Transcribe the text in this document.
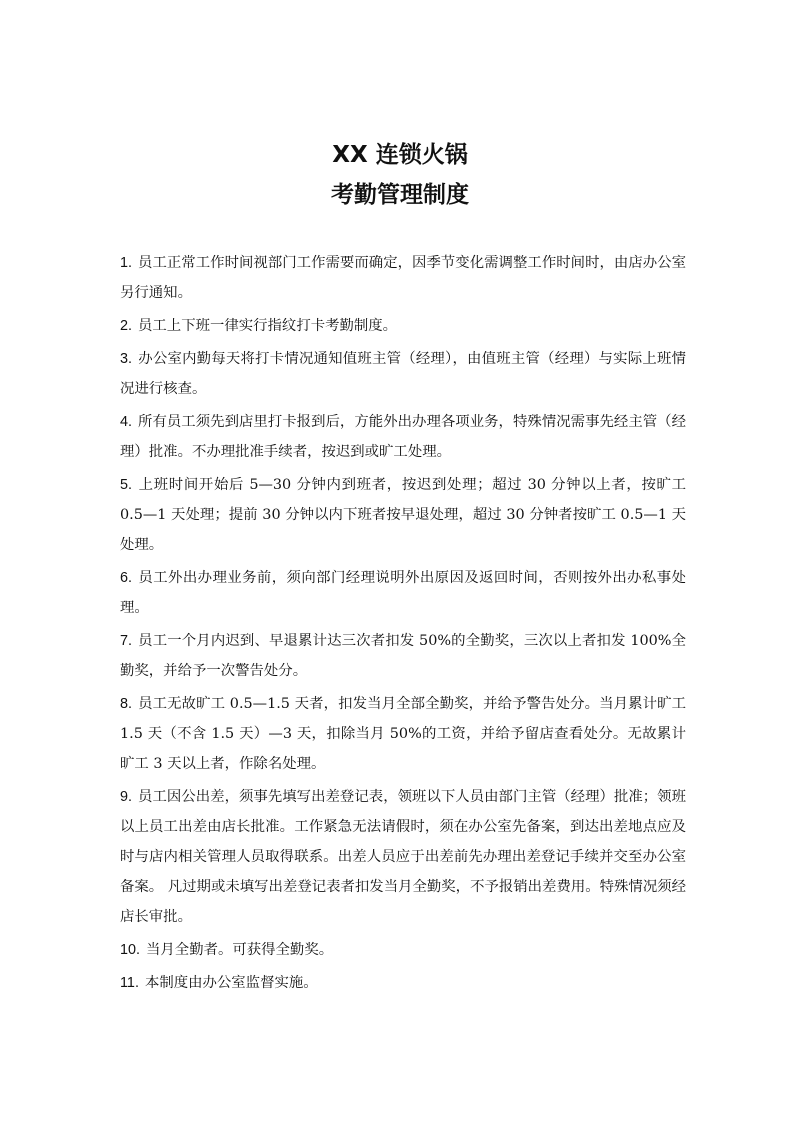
XX 连锁火锅
考勤管理制度

1. 员工正常工作时间视部门工作需要而确定，因季节变化需调整工作时间时，由店办公室另行通知。

2. 员工上下班一律实行指纹打卡考勤制度。

3. 办公室内勤每天将打卡情况通知值班主管（经理），由值班主管（经理）与实际上班情况进行核查。

4. 所有员工须先到店里打卡报到后，方能外出办理各项业务，特殊情况需事先经主管（经理）批准。不办理批准手续者，按迟到或旷工处理。

5. 上班时间开始后 5—30 分钟内到班者，按迟到处理；超过 30 分钟以上者，按旷工 0.5—1 天处理；提前 30 分钟以内下班者按早退处理，超过 30 分钟者按旷工 0.5—1 天处理。

6. 员工外出办理业务前，须向部门经理说明外出原因及返回时间，否则按外出办私事处理。

7. 员工一个月内迟到、早退累计达三次者扣发 50%的全勤奖，三次以上者扣发 100%全勤奖，并给予一次警告处分。

8. 员工无故旷工 0.5—1.5 天者，扣发当月全部全勤奖，并给予警告处分。当月累计旷工 1.5 天（不含 1.5 天）—3 天，扣除当月 50%的工资，并给予留店查看处分。无故累计旷工 3 天以上者，作除名处理。

9. 员工因公出差，须事先填写出差登记表，领班以下人员由部门主管（经理）批准；领班以上员工出差由店长批准。工作紧急无法请假时，须在办公室先备案，到达出差地点应及时与店内相关管理人员取得联系。出差人员应于出差前先办理出差登记手续并交至办公室备案。 凡过期或未填写出差登记表者扣发当月全勤奖，不予报销出差费用。特殊情况须经店长审批。

10. 当月全勤者。可获得全勤奖。

11. 本制度由办公室监督实施。
